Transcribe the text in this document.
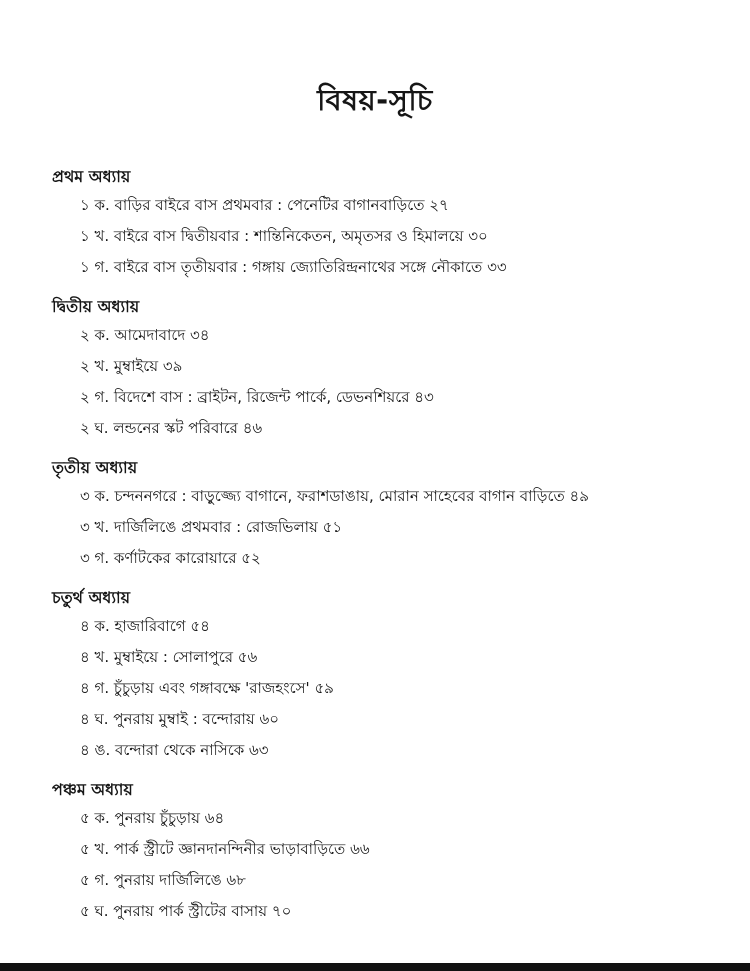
বিষয়-সূচি
প্রথম অধ্যায়
১ ক. বাড়ির বাইরে বাস প্রথমবার : পেনেটির বাগানবাড়িতে ২৭
১ খ. বাইরে বাস দ্বিতীয়বার : শান্তিনিকেতন, অমৃতসর ও হিমালয়ে ৩০
১ গ. বাইরে বাস তৃতীয়বার : গঙ্গায় জ্যোতিরিন্দ্রনাথের সঙ্গে নৌকাতে ৩৩
দ্বিতীয় অধ্যায়
২ ক. আমেদাবাদে ৩৪
২ খ. মুম্বাইয়ে ৩৯
২ গ. বিদেশে বাস : ব্রাইটন, রিজেন্ট পার্কে, ডেভনশিয়রে ৪৩
২ ঘ. লন্ডনের স্কট পরিবারে ৪৬
তৃতীয় অধ্যায়
৩ ক. চন্দননগরে : বাড়ুজ্জ্যে বাগানে, ফরাশডাঙায়, মোরান সাহেবের বাগান বাড়িতে ৪৯
৩ খ. দার্জিলিঙে প্রথমবার : রোজভিলায় ৫১
৩ গ. কর্ণাটকের কারোয়ারে ৫২
চতুর্থ অধ্যায়
৪ ক. হাজারিবাগে ৫৪
৪ খ. মুম্বাইয়ে : সোলাপুরে ৫৬
৪ গ. চুঁচুড়ায় এবং গঙ্গাবক্ষে 'রাজহংসে' ৫৯
৪ ঘ. পুনরায় মুম্বাই : বন্দোরায় ৬০
৪ ঙ. বন্দোরা থেকে নাসিকে ৬৩
পঞ্চম অধ্যায়
৫ ক. পুনরায় চুঁচুড়ায় ৬৪
৫ খ. পার্ক স্ট্রীটে জ্ঞানদানন্দিনীর ভাড়াবাড়িতে ৬৬
৫ গ. পুনরায় দার্জিলিঙে ৬৮
৫ ঘ. পুনরায় পার্ক স্ট্রীটের বাসায় ৭০
